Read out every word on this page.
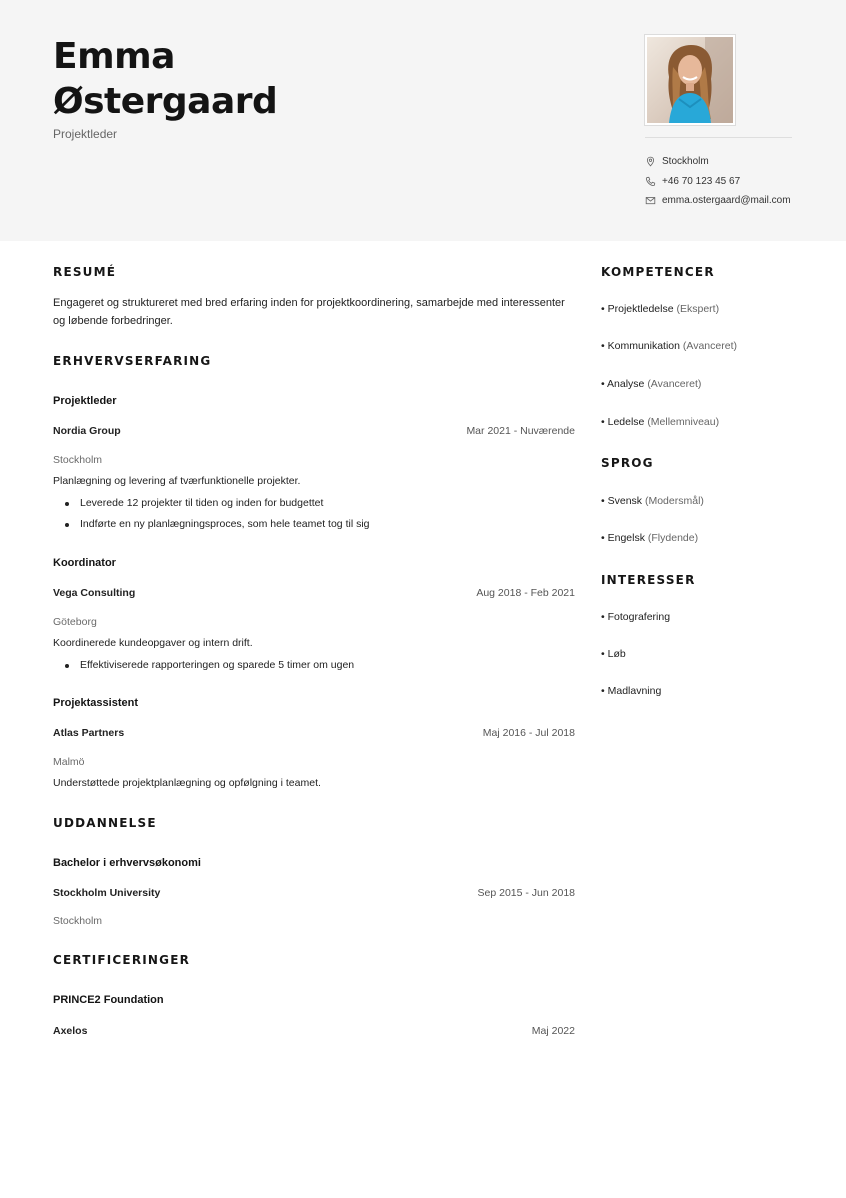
Emma
Østergaard
Projektleder
Stockholm
+46 70 123 45 67
emma.ostergaard@mail.com
RESUMÉ
Engageret og struktureret med bred erfaring inden for projektkoordinering, samarbejde med interessenter og løbende forbedringer.
ERHVERVSERFARING
Projektleder
Nordia Group	Mar 2021 - Nuværende
Stockholm
Planlægning og levering af tværfunktionelle projekter.
Leverede 12 projekter til tiden og inden for budgettet
Indførte en ny planlægningsproces, som hele teamet tog til sig
Koordinator
Vega Consulting	Aug 2018 - Feb 2021
Göteborg
Koordinerede kundeopgaver og intern drift.
Effektiviserede rapporteringen og sparede 5 timer om ugen
Projektassistent
Atlas Partners	Maj 2016 - Jul 2018
Malmö
Understøttede projektplanlægning og opfølgning i teamet.
UDDANNELSE
Bachelor i erhvervsøkonomi
Stockholm University	Sep 2015 - Jun 2018
Stockholm
CERTIFICERINGER
PRINCE2 Foundation
Axelos	Maj 2022
KOMPETENCER
• Projektledelse (Ekspert)
• Kommunikation (Avanceret)
• Analyse (Avanceret)
• Ledelse (Mellemniveau)
SPROG
• Svensk (Modersmål)
• Engelsk (Flydende)
INTERESSER
• Fotografering
• Løb
• Madlavning
